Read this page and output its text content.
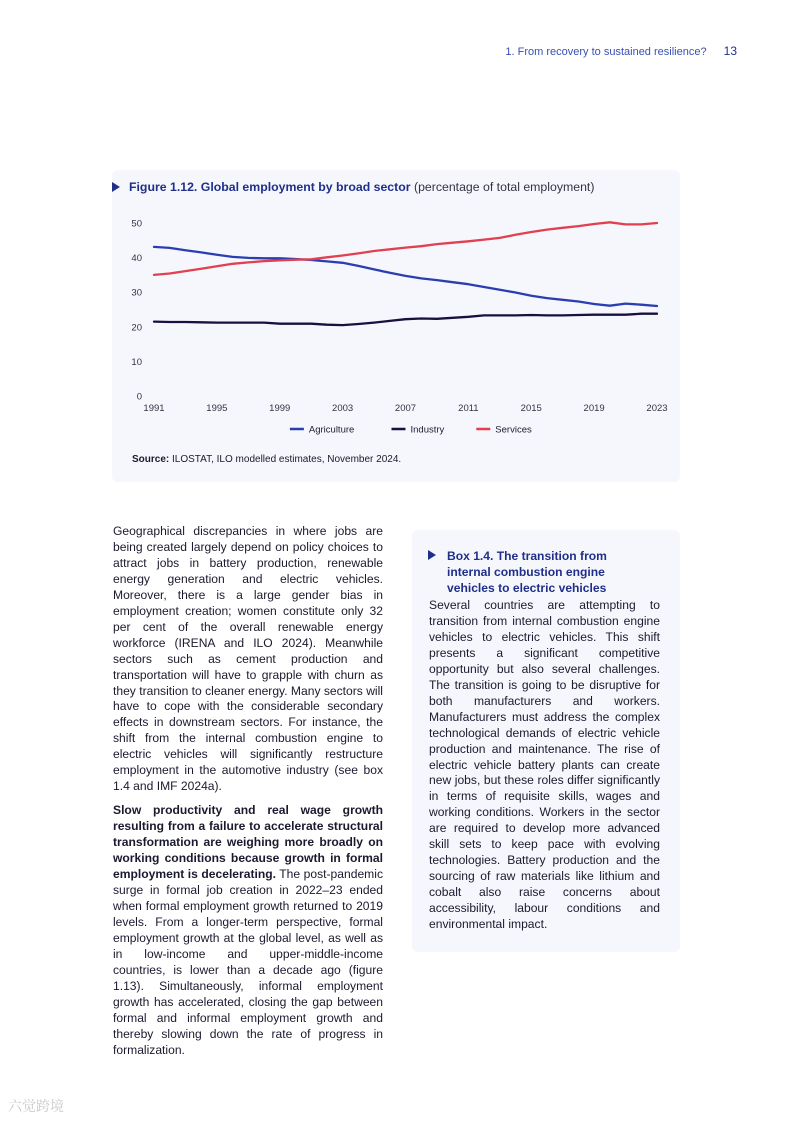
1. From recovery to sustained resilience? 13
Figure 1.12. Global employment by broad sector (percentage of total employment)
0
10
20
30
40
50
1991	1995	1999	2003	2007	2011	2015	2019	2023
Agriculture	Industry	Services
Source: ILOSTAT, ILO modelled estimates, November 2024.

Geographical discrepancies in where jobs are being created largely depend on policy choices to attract jobs in battery production, renewable energy generation and electric vehicles. Moreover, there is a large gender bias in employment creation; women constitute only 32 per cent of the overall renewable energy workforce (IRENA and ILO 2024). Meanwhile sectors such as cement production and transportation will have to grapple with churn as they transition to cleaner energy. Many sectors will have to cope with the considerable secondary effects in downstream sectors. For instance, the shift from the internal combustion engine to electric vehicles will significantly restructure employment in the automotive industry (see box 1.4 and IMF 2024a).

Slow productivity and real wage growth resulting from a failure to accelerate structural transformation are weighing more broadly on working conditions because growth in formal employment is decelerating. The post-pandemic surge in formal job creation in 2022–23 ended when formal employment growth returned to 2019 levels. From a longer-term perspective, formal employment growth at the global level, as well as in low-income and upper-middle-income countries, is lower than a decade ago (figure 1.13). Simultaneously, informal employment growth has accelerated, closing the gap between formal and informal employment growth and thereby slowing down the rate of progress in formalization.

Box 1.4. The transition from internal combustion engine vehicles to electric vehicles
Several countries are attempting to transition from internal combustion engine vehicles to electric vehicles. This shift presents a significant competitive opportunity but also several challenges. The transition is going to be disruptive for both manufacturers and workers. Manufacturers must address the complex technological demands of electric vehicle production and maintenance. The rise of electric vehicle battery plants can create new jobs, but these roles differ significantly in terms of requisite skills, wages and working conditions. Workers in the sector are required to develop more advanced skill sets to keep pace with evolving technologies. Battery production and the sourcing of raw materials like lithium and cobalt also raise concerns about accessibility, labour conditions and environmental impact.
六觉跨境
